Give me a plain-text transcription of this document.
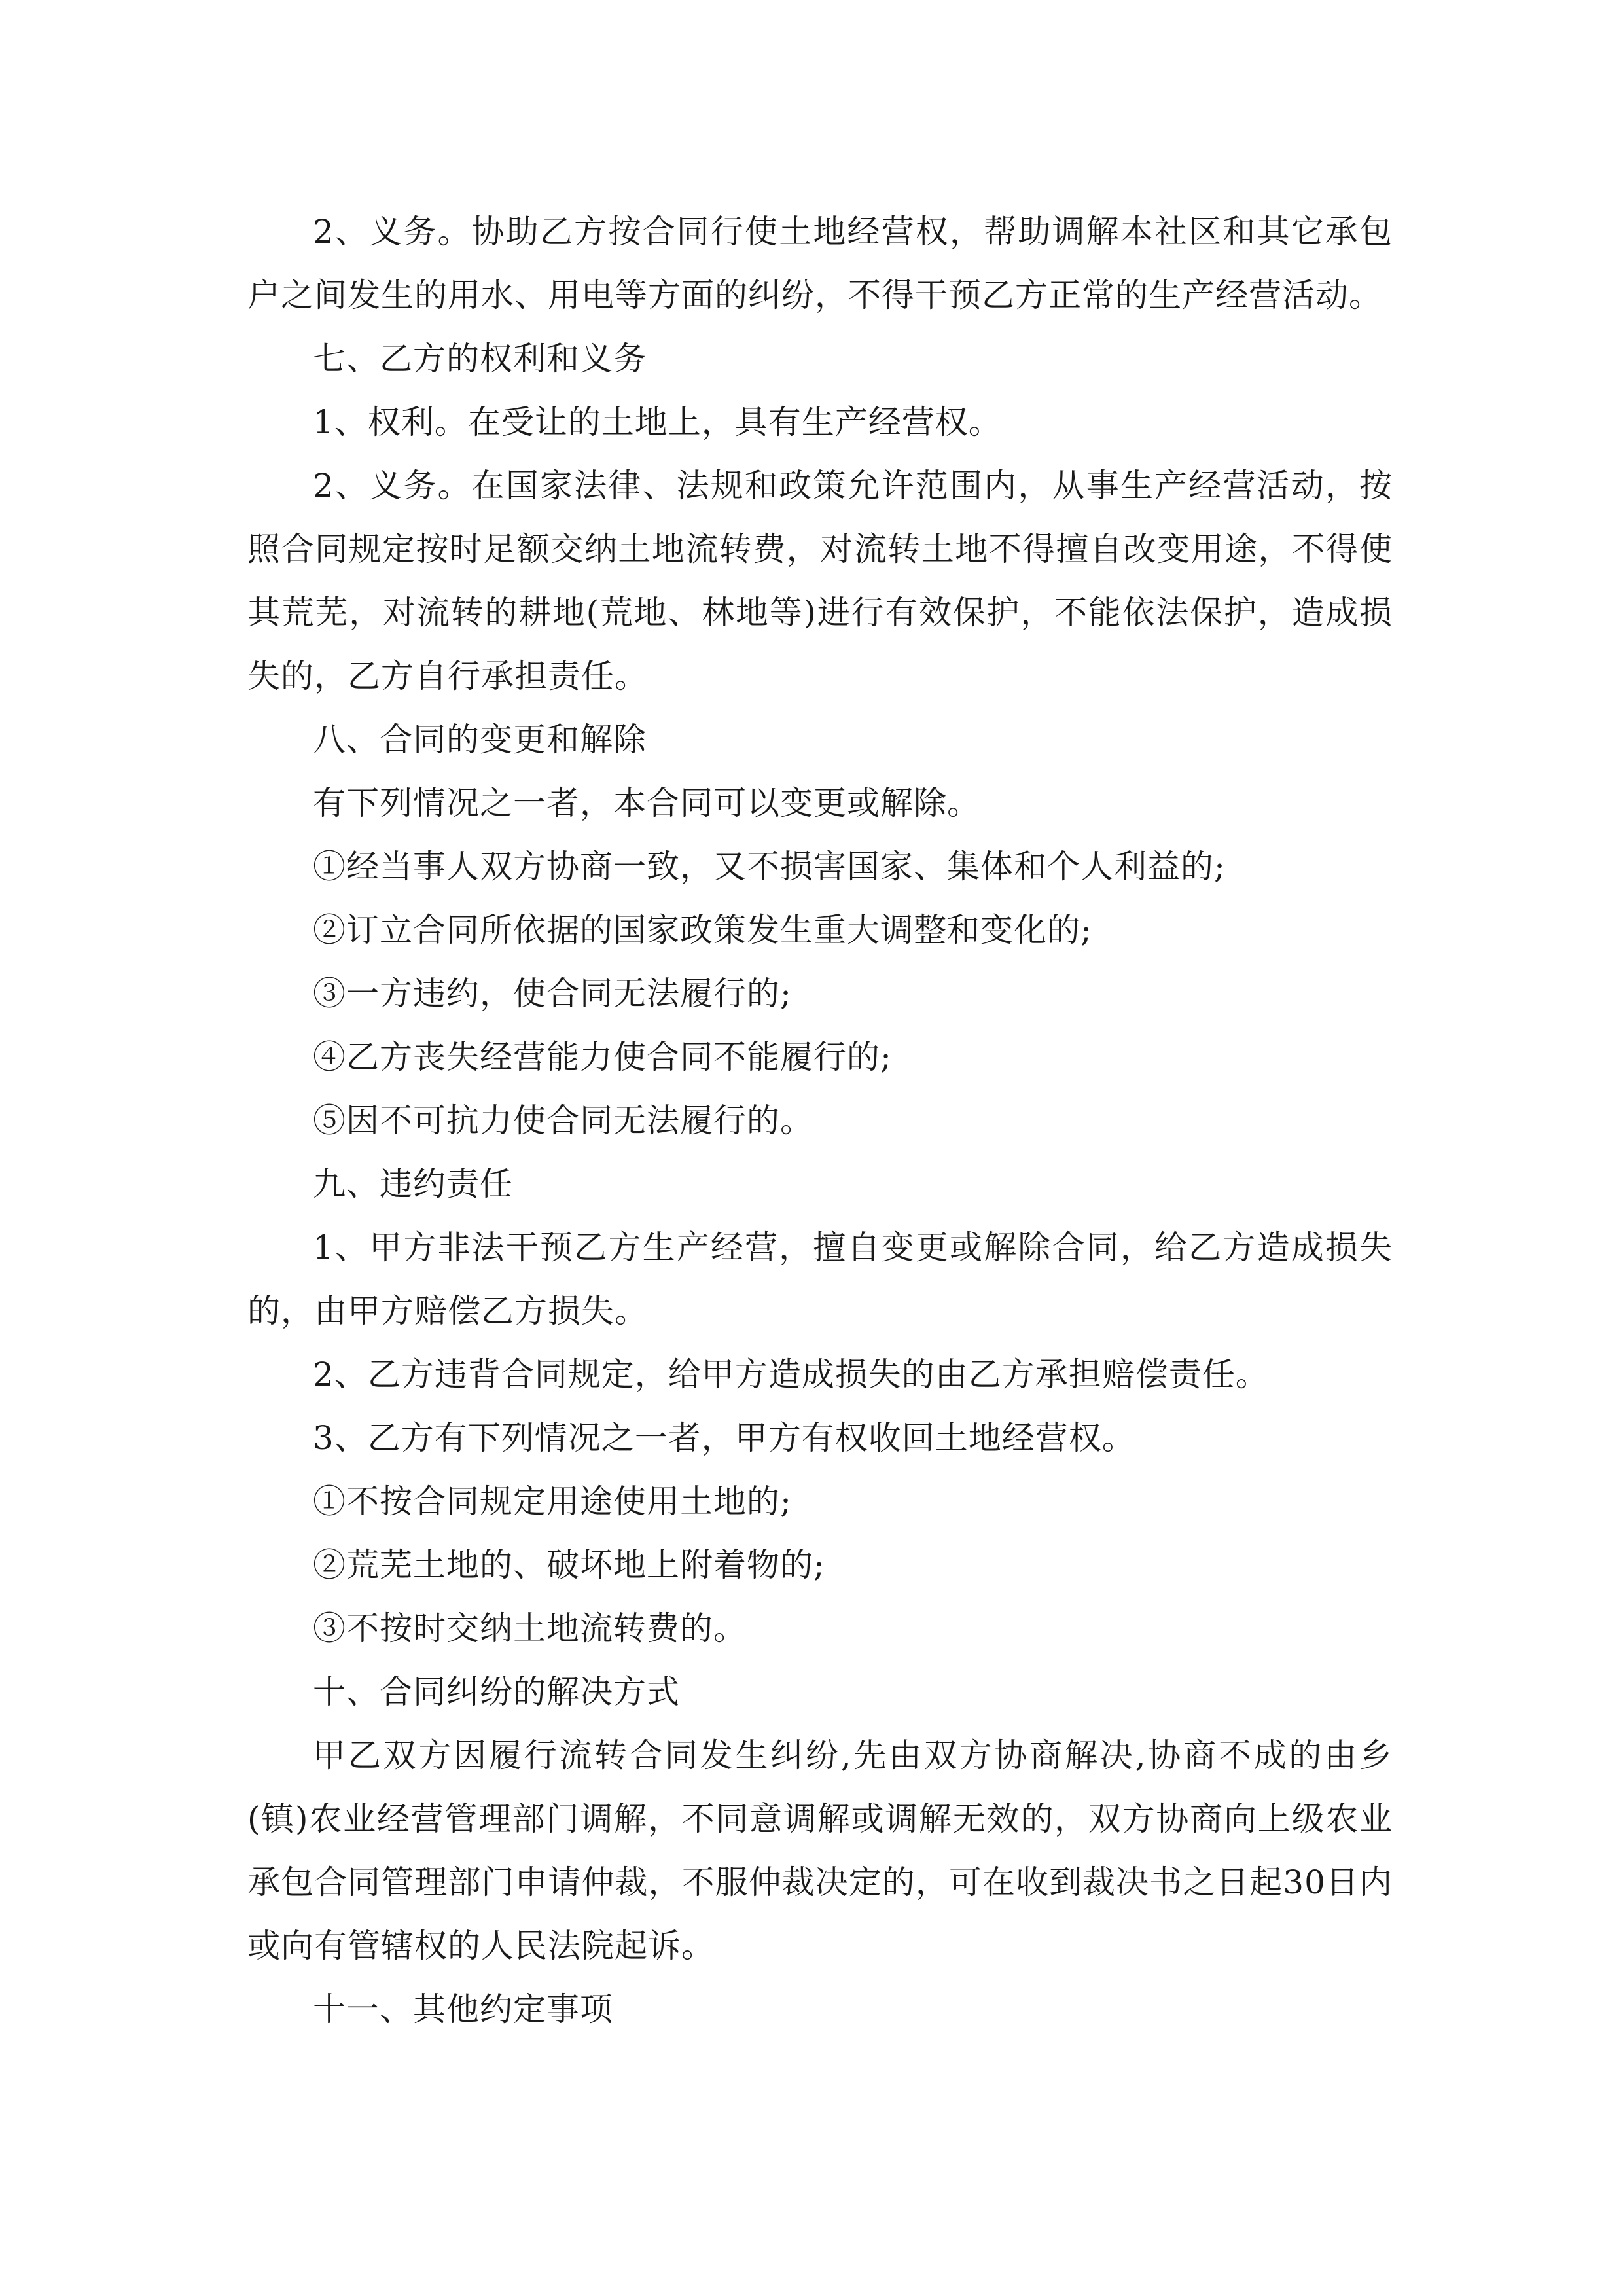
2、义务。协助乙方按合同行使土地经营权，帮助调解本社区和其它承包户之间发生的用水、用电等方面的纠纷，不得干预乙方正常的生产经营活动。

七、乙方的权利和义务

1、权利。在受让的土地上，具有生产经营权。

2、义务。在国家法律、法规和政策允许范围内，从事生产经营活动，按照合同规定按时足额交纳土地流转费，对流转土地不得擅自改变用途，不得使其荒芜，对流转的耕地(荒地、林地等)进行有效保护，不能依法保护，造成损失的，乙方自行承担责任。

八、合同的变更和解除

有下列情况之一者，本合同可以变更或解除。

①经当事人双方协商一致，又不损害国家、集体和个人利益的;

②订立合同所依据的国家政策发生重大调整和变化的;

③一方违约，使合同无法履行的;

④乙方丧失经营能力使合同不能履行的;

⑤因不可抗力使合同无法履行的。

九、违约责任

1、甲方非法干预乙方生产经营，擅自变更或解除合同，给乙方造成损失的，由甲方赔偿乙方损失。

2、乙方违背合同规定，给甲方造成损失的由乙方承担赔偿责任。

3、乙方有下列情况之一者，甲方有权收回土地经营权。

①不按合同规定用途使用土地的;

②荒芜土地的、破坏地上附着物的;

③不按时交纳土地流转费的。

十、合同纠纷的解决方式

甲乙双方因履行流转合同发生纠纷,先由双方协商解决,协商不成的由乡(镇)农业经营管理部门调解，不同意调解或调解无效的，双方协商向上级农业承包合同管理部门申请仲裁，不服仲裁决定的，可在收到裁决书之日起30日内或向有管辖权的人民法院起诉。

十一、其他约定事项
